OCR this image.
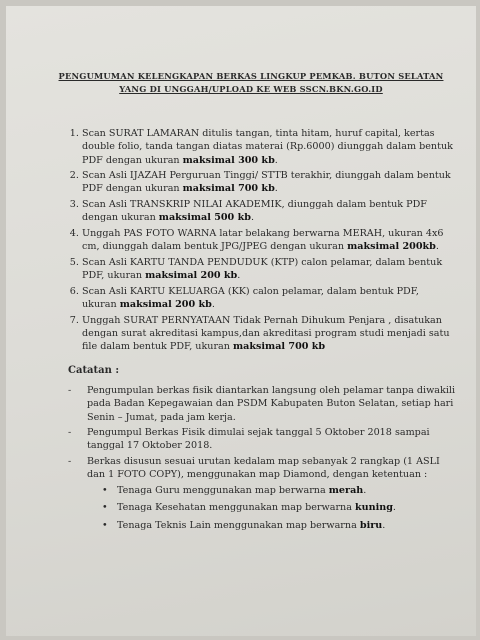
PENGUMUMAN KELENGKAPAN BERKAS LINGKUP PEMKAB. BUTON SELATAN
YANG DI UNGGAH/UPLOAD KE WEB SSCN.BKN.GO.ID
1. Scan SURAT LAMARAN ditulis tangan, tinta hitam, huruf capital, kertas double folio, tanda tangan diatas materai (Rp.6000) diunggah dalam bentuk PDF dengan ukuran maksimal 300 kb.
2. Scan Asli IJAZAH Perguruan Tinggi/ STTB terakhir, diunggah dalam bentuk PDF dengan ukuran maksimal 700 kb.
3. Scan Asli TRANSKRIP NILAI AKADEMIK, diunggah dalam bentuk PDF dengan ukuran maksimal 500 kb.
4. Unggah PAS FOTO WARNA latar belakang berwarna MERAH, ukuran 4x6 cm, diunggah dalam bentuk JPG/JPEG dengan ukuran maksimal 200kb.
5. Scan Asli KARTU TANDA PENDUDUK (KTP) calon pelamar, dalam bentuk PDF, ukuran maksimal 200 kb.
6. Scan Asli KARTU KELUARGA (KK) calon pelamar, dalam bentuk PDF, ukuran maksimal 200 kb.
7. Unggah SURAT PERNYATAAN Tidak Pernah Dihukum Penjara , disatukan dengan surat akreditasi kampus,dan akreditasi program studi menjadi satu file dalam bentuk PDF, ukuran maksimal 700 kb
Catatan :
- Pengumpulan berkas fisik diantarkan langsung oleh pelamar tanpa diwakili pada Badan Kepegawaian dan PSDM Kabupaten Buton Selatan, setiap hari Senin – Jumat, pada jam kerja.
- Pengumpul Berkas Fisik dimulai sejak tanggal 5 Oktober 2018 sampai tanggal 17 Oktober 2018.
- Berkas disusun sesuai urutan kedalam map sebanyak 2 rangkap (1 ASLI dan 1 FOTO COPY), menggunakan map Diamond, dengan ketentuan :
• Tenaga Guru menggunakan map berwarna merah.
• Tenaga Kesehatan menggunakan map berwarna kuning.
• Tenaga Teknis Lain menggunakan map berwarna biru.
